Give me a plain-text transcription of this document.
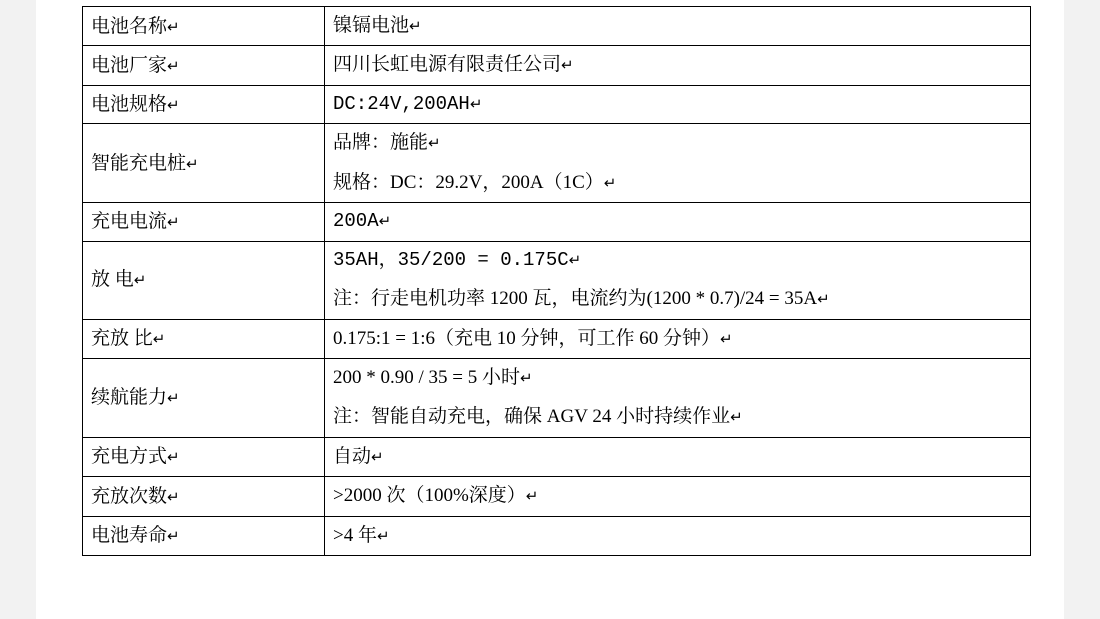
电池名称↵	镍镉电池↵

电池厂家↵	四川长虹电源有限责任公司↵

电池规格↵	DC:24V,200AH↵

智能充电桩↵	品牌：施能↵
规格：DC：29.2V，200A（1C）↵

充电电流↵	200A↵

放 电↵	35AH，35/200 = 0.175C↵
注：行走电机功率 1200 瓦，电流约为(1200 * 0.7)/24 = 35A↵

充放 比↵	0.175:1 = 1:6（充电 10 分钟，可工作 60 分钟）↵

续航能力↵	200 * 0.90 / 35 = 5 小时↵
注：智能自动充电，确保 AGV 24 小时持续作业↵

充电方式↵	自动↵

充放次数↵	>2000 次（100%深度）↵

电池寿命↵	>4 年↵
